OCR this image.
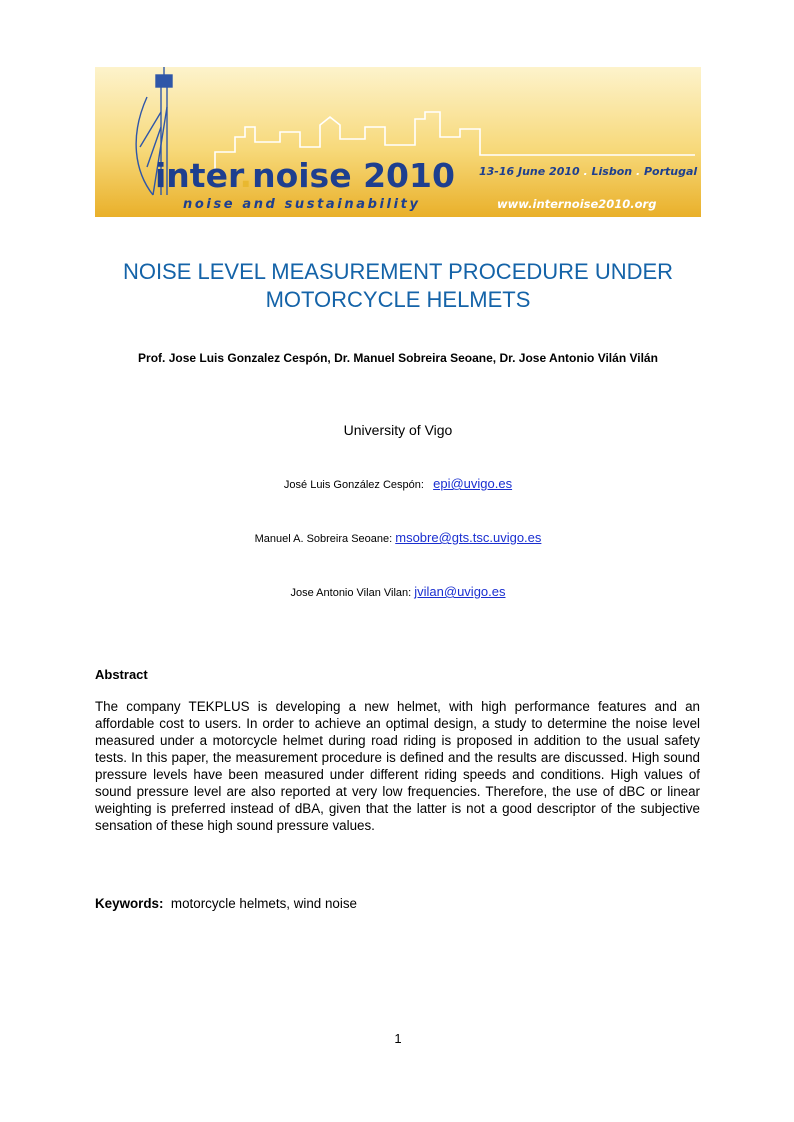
inter.noise 2010
noise and sustainability
13-16 June 2010 . Lisbon . Portugal
www.internoise2010.org
NOISE LEVEL MEASUREMENT PROCEDURE UNDER MOTORCYCLE HELMETS
Prof. Jose Luis Gonzalez Cespón, Dr. Manuel Sobreira Seoane, Dr. Jose Antonio Vilán Vilán
University of Vigo
José Luis González Cespón: epi@uvigo.es
Manuel A. Sobreira Seoane: msobre@gts.tsc.uvigo.es
Jose Antonio Vilan Vilan: jvilan@uvigo.es
Abstract
The company TEKPLUS is developing a new helmet, with high performance features and an affordable cost to users. In order to achieve an optimal design, a study to determine the noise level measured under a motorcycle helmet during road riding is proposed in addition to the usual safety tests. In this paper, the measurement procedure is defined and the results are discussed. High sound pressure levels have been measured under different riding speeds and conditions. High values of sound pressure level are also reported at very low frequencies. Therefore, the use of dBC or linear weighting is preferred instead of dBA, given that the latter is not a good descriptor of the subjective sensation of these high sound pressure values.
Keywords: motorcycle helmets, wind noise
1
